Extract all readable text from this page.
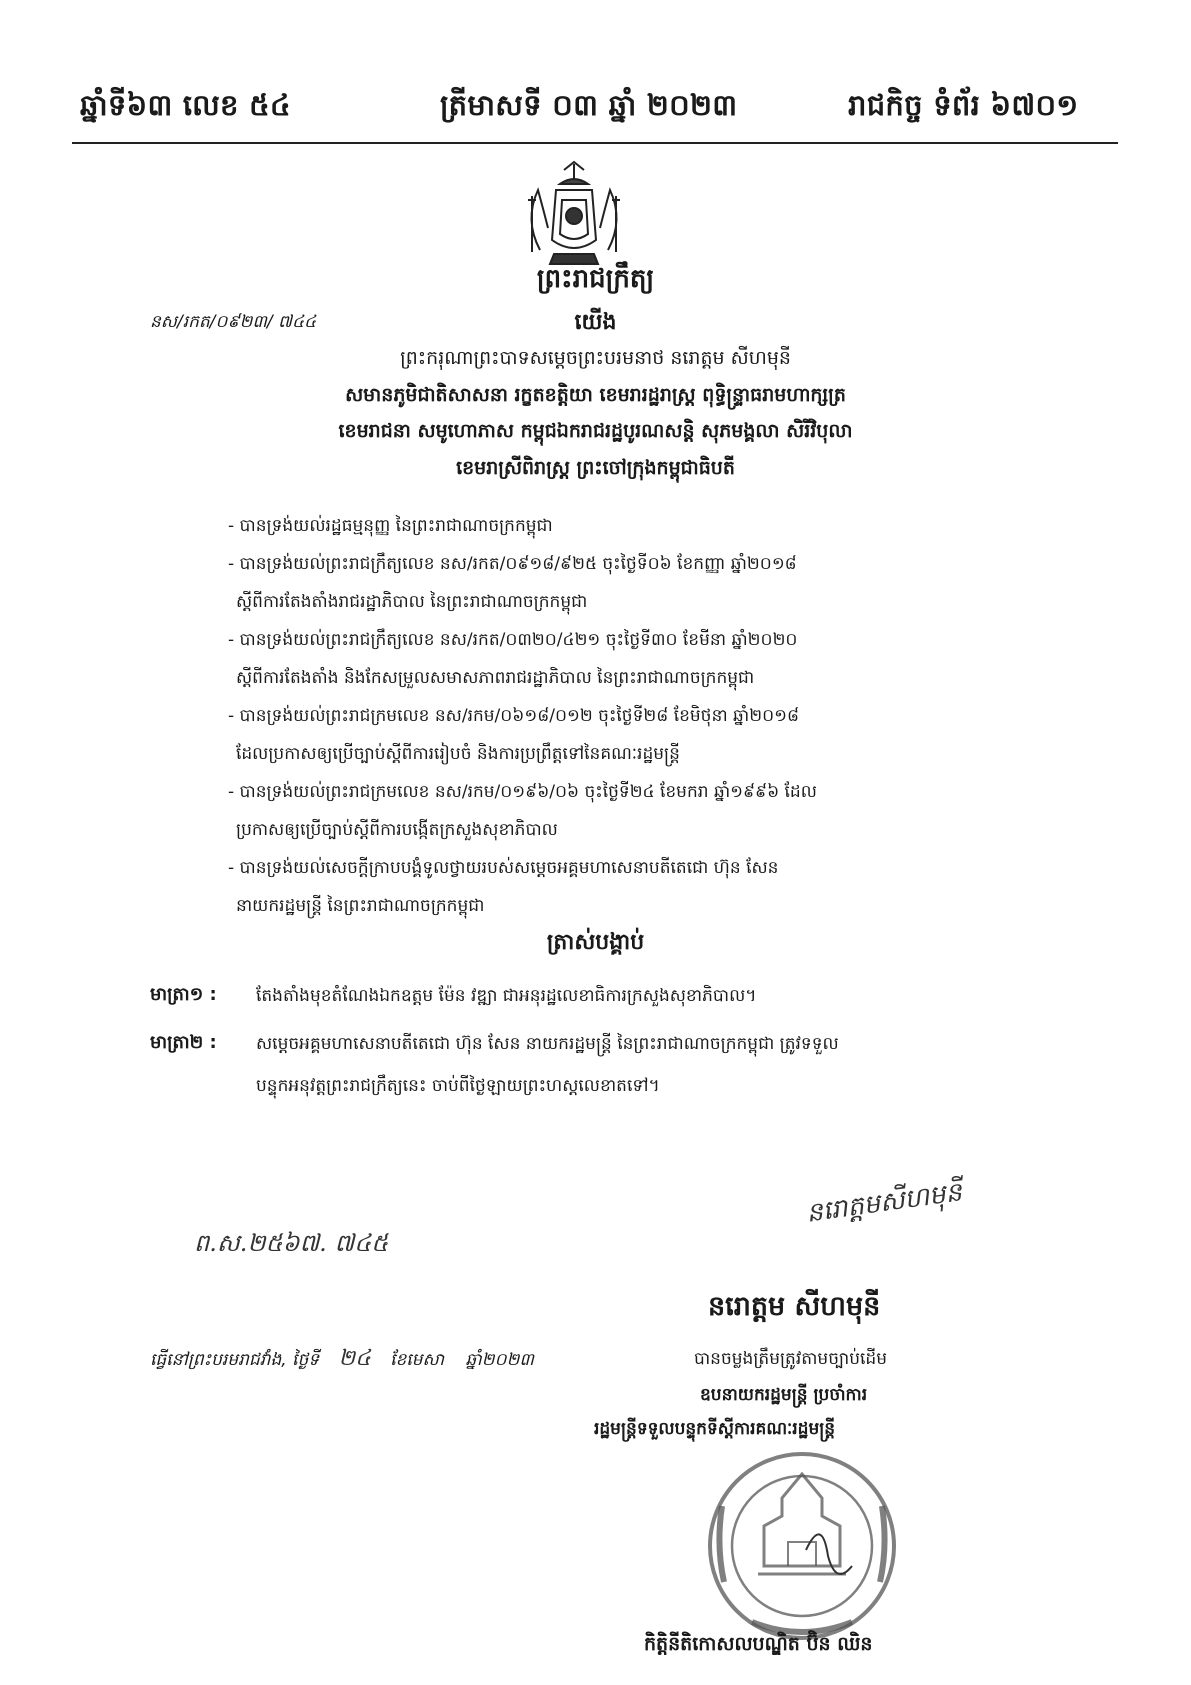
ឆ្នាំទី៦៣ លេខ ៥៤	ត្រីមាសទី ០៣ ឆ្នាំ ២០២៣	រាជកិច្ច ទំព័រ ៦៧០១
ព្រះរាជក្រឹត្យ
នស/រកត/០៩២៣/ ៧៤៤	យើង
ព្រះករុណាព្រះបាទសម្តេចព្រះបរមនាថ នរោត្តម សីហមុនី
សមានភូមិជាតិសាសនា រក្ខតខត្តិយា ខេមរារដ្ឋរាស្ត្រ ពុទ្ធិន្ទ្រាធរាមហាក្សត្រ
ខេមរាជនា សមូហោភាស កម្ពុជឯករាជរដ្ឋបូរណសន្តិ សុភមង្គលា សិរីវិបុលា
ខេមរាស្រីពិរាស្ត្រ ព្រះចៅក្រុងកម្ពុជាធិបតី
- បានទ្រង់យល់រដ្ឋធម្មនុញ្ញ នៃព្រះរាជាណាចក្រកម្ពុជា
- បានទ្រង់យល់ព្រះរាជក្រឹត្យលេខ នស/រកត/០៩១៨/៩២៥ ចុះថ្ងៃទី០៦ ខែកញ្ញា ឆ្នាំ២០១៨
ស្តីពីការតែងតាំងរាជរដ្ឋាភិបាល នៃព្រះរាជាណាចក្រកម្ពុជា
- បានទ្រង់យល់ព្រះរាជក្រឹត្យលេខ នស/រកត/០៣២០/៤២១ ចុះថ្ងៃទី៣០ ខែមីនា ឆ្នាំ២០២០
ស្តីពីការតែងតាំង និងកែសម្រួលសមាសភាពរាជរដ្ឋាភិបាល នៃព្រះរាជាណាចក្រកម្ពុជា
- បានទ្រង់យល់ព្រះរាជក្រមលេខ នស/រកម/០៦១៨/០១២ ចុះថ្ងៃទី២៨ ខែមិថុនា ឆ្នាំ២០១៨
ដែលប្រកាសឲ្យប្រើច្បាប់ស្តីពីការរៀបចំ និងការប្រព្រឹត្តទៅនៃគណៈរដ្ឋមន្ត្រី
- បានទ្រង់យល់ព្រះរាជក្រមលេខ នស/រកម/០១៩៦/០៦ ចុះថ្ងៃទី២៤ ខែមករា ឆ្នាំ១៩៩៦ ដែល
ប្រកាសឲ្យប្រើច្បាប់ស្តីពីការបង្កើតក្រសួងសុខាភិបាល
- បានទ្រង់យល់សេចក្តីក្រាបបង្គំទូលថ្វាយរបស់សម្តេចអគ្គមហាសេនាបតីតេជោ ហ៊ុន សែន
នាយករដ្ឋមន្ត្រី នៃព្រះរាជាណាចក្រកម្ពុជា
ត្រាស់បង្គាប់
មាត្រា១ : តែងតាំងមុខតំណែងឯកឧត្តម ម៉ែន វឌ្ឍា ជាអនុរដ្ឋលេខាធិការក្រសួងសុខាភិបាល។
មាត្រា២ : សម្តេចអគ្គមហាសេនាបតីតេជោ ហ៊ុន សែន នាយករដ្ឋមន្ត្រី នៃព្រះរាជាណាចក្រកម្ពុជា ត្រូវទទួល
បន្ទុកអនុវត្តព្រះរាជក្រឹត្យនេះ ចាប់ពីថ្ងៃឡាយព្រះហស្តលេខាតទៅ។
នរោត្តមសីហមុនី
ព.ស.២៥៦៧. ៧៤៥
នរោត្តម សីហមុនី
ធ្វើនៅព្រះបរមរាជវាំង, ថ្ងៃទី ២៤ ខែមេសា ឆ្នាំ២០២៣	បានចម្លងត្រឹមត្រូវតាមច្បាប់ដើម
ឧបនាយករដ្ឋមន្ត្រី ប្រចាំការ
រដ្ឋមន្ត្រីទទួលបន្ទុកទីស្តីការគណៈរដ្ឋមន្ត្រី
កិត្តិនីតិកោសលបណ្ឌិត ប៊ិន ឈិន
